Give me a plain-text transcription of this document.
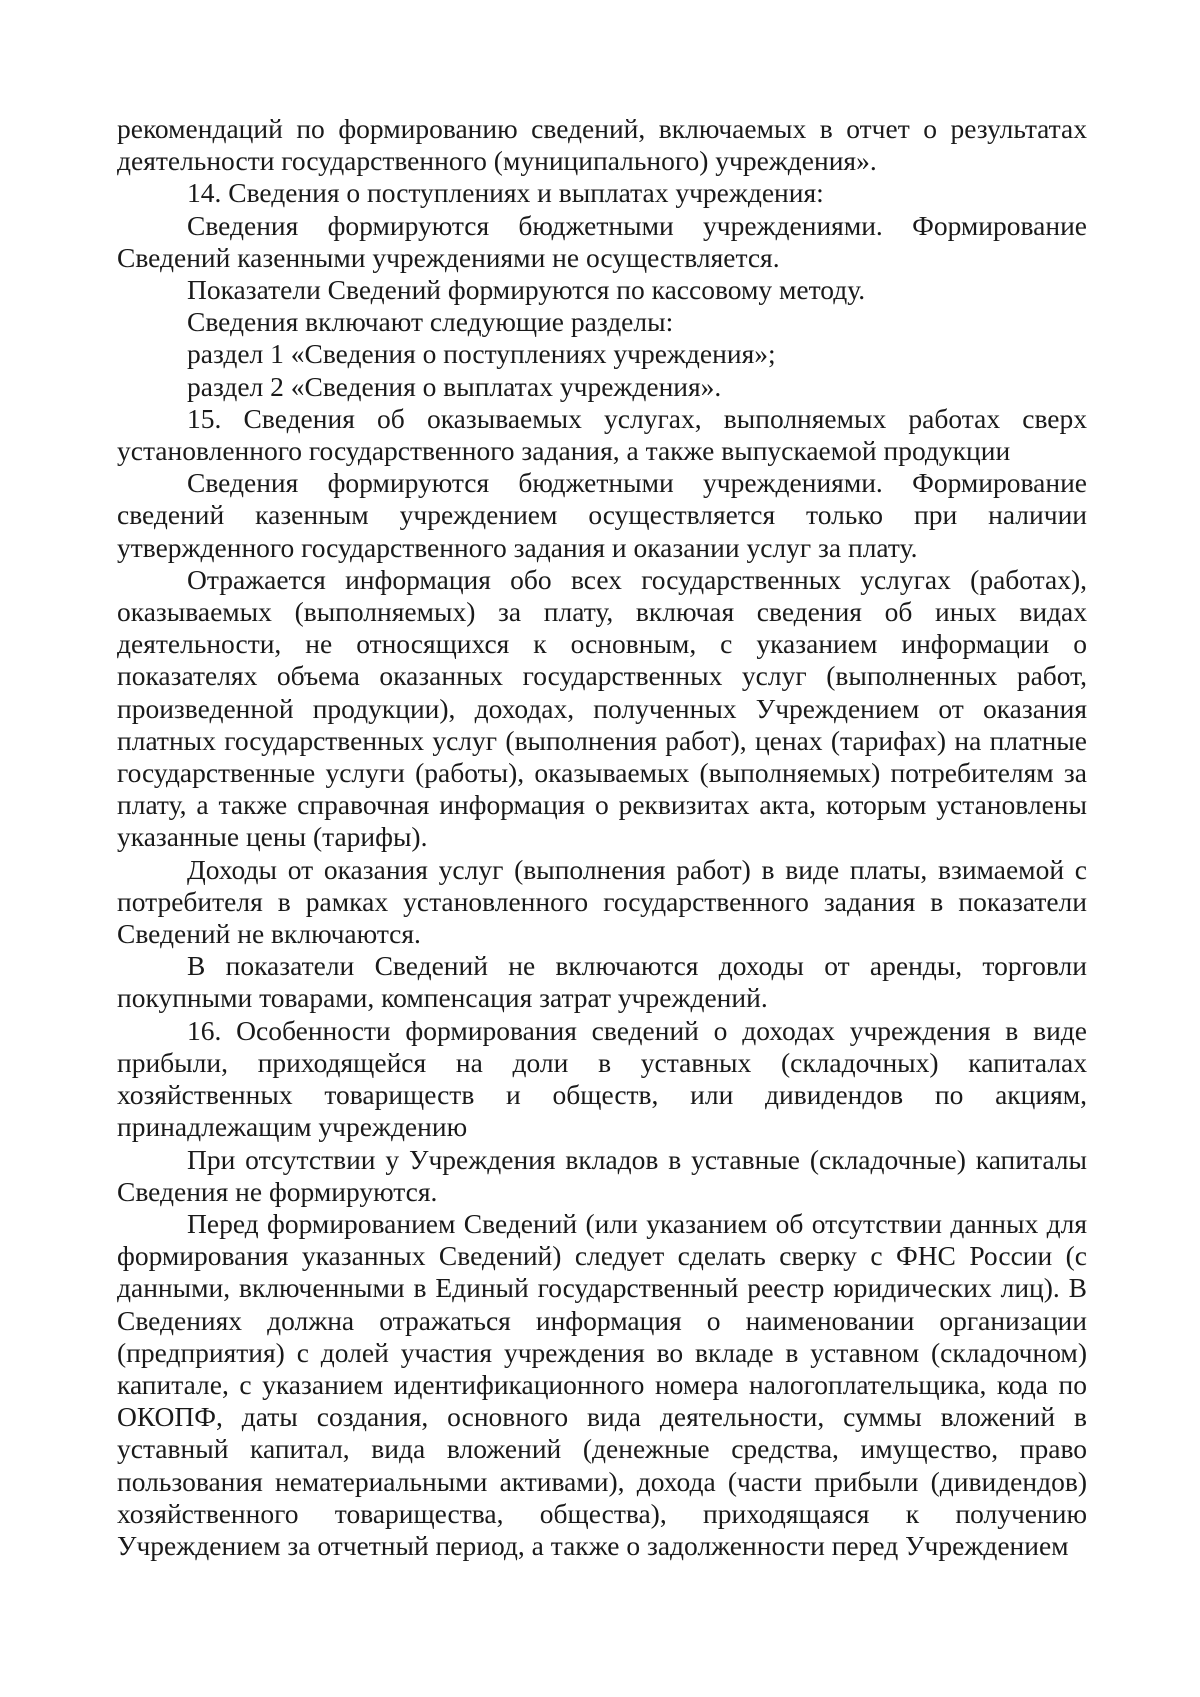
рекомендаций по формированию сведений, включаемых в отчет о результатах деятельности государственного (муниципального) учреждения».

14. Сведения о поступлениях и выплатах учреждения:

Сведения формируются бюджетными учреждениями. Формирование Сведений казенными учреждениями не осуществляется.

Показатели Сведений формируются по кассовому методу.

Сведения включают следующие разделы:

раздел 1 «Сведения о поступлениях учреждения»;

раздел 2 «Сведения о выплатах учреждения».

15. Сведения об оказываемых услугах, выполняемых работах сверх установленного государственного задания, а также выпускаемой продукции

Сведения формируются бюджетными учреждениями. Формирование сведений казенным учреждением осуществляется только при наличии утвержденного государственного задания и оказании услуг за плату.

Отражается информация обо всех государственных услугах (работах), оказываемых (выполняемых) за плату, включая сведения об иных видах деятельности, не относящихся к основным, с указанием информации о показателях объема оказанных государственных услуг (выполненных работ, произведенной продукции), доходах, полученных Учреждением от оказания платных государственных услуг (выполнения работ), ценах (тарифах) на платные государственные услуги (работы), оказываемых (выполняемых) потребителям за плату, а также справочная информация о реквизитах акта, которым установлены указанные цены (тарифы).

Доходы от оказания услуг (выполнения работ) в виде платы, взимаемой с потребителя в рамках установленного государственного задания в показатели Сведений не включаются.

В показатели Сведений не включаются доходы от аренды, торговли покупными товарами, компенсация затрат учреждений.

16. Особенности формирования сведений о доходах учреждения в виде прибыли, приходящейся на доли в уставных (складочных) капиталах хозяйственных товариществ и обществ, или дивидендов по акциям, принадлежащим учреждению

При отсутствии у Учреждения вкладов в уставные (складочные) капиталы Сведения не формируются.

Перед формированием Сведений (или указанием об отсутствии данных для формирования указанных Сведений) следует сделать сверку с ФНС России (с данными, включенными в Единый государственный реестр юридических лиц). В Сведениях должна отражаться информация о наименовании организации (предприятия) с долей участия учреждения во вкладе в уставном (складочном) капитале, с указанием идентификационного номера налогоплательщика, кода по ОКОПФ, даты создания, основного вида деятельности, суммы вложений в уставный капитал, вида вложений (денежные средства, имущество, право пользования нематериальными активами), дохода (части прибыли (дивидендов) хозяйственного товарищества, общества), приходящаяся к получению Учреждением за отчетный период, а также о задолженности перед Учреждением
